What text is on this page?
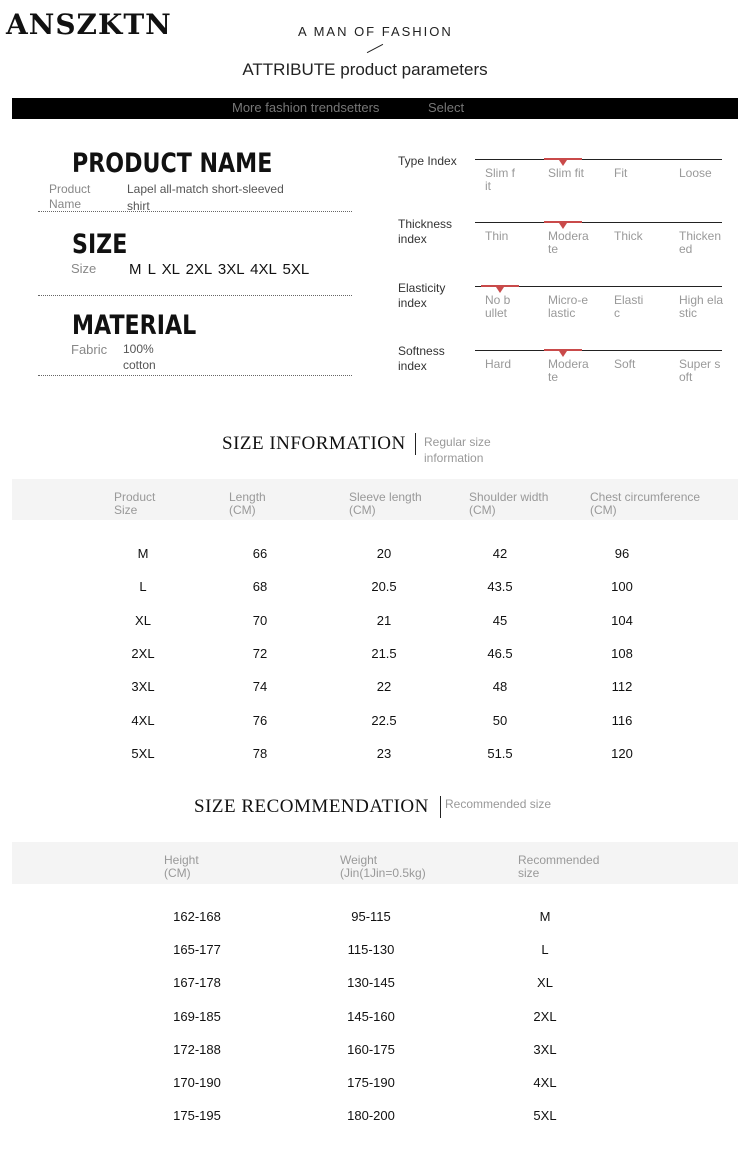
ANSZKTN	A MAN OF FASHION
ATTRIBUTE product parameters
More fashion trendsetters	Select
PRODUCT NAME
Product Name
Lapel all-match short-sleeved shirt
SIZE
Size M L XL 2XL 3XL 4XL 5XL
MATERIAL
Fabric 100% cotton
Type Index
Slim fit
Slim fit	Fit	Loose
Thickness index	Thin	Moderate
Thick	Thickened
Elasticity index	No bullet
Micro-elastic
Elastic
High elastic
Softness index	Hard	Moderate
Soft	Super soft
SIZE INFORMATION Regular size information
Product Size
Length (CM)
Sleeve length (CM)
Shoulder width (CM)
Chest circumference (CM)
M	66	20	42	96
L	68	20.5	43.5	100
XL	70	21	45	104
2XL	72	21.5	46.5	108
3XL	74	22	48	112
4XL	76	22.5	50	116
5XL	78	23	51.5	120
SIZE RECOMMENDATION Recommended size
Height (CM)
Weight (Jin(1Jin=0.5kg)
Recommended size
162-168	95-115	M
165-177	115-130	L
167-178	130-145	XL
169-185	145-160	2XL
172-188	160-175	3XL
170-190	175-190	4XL
175-195	180-200	5XL
